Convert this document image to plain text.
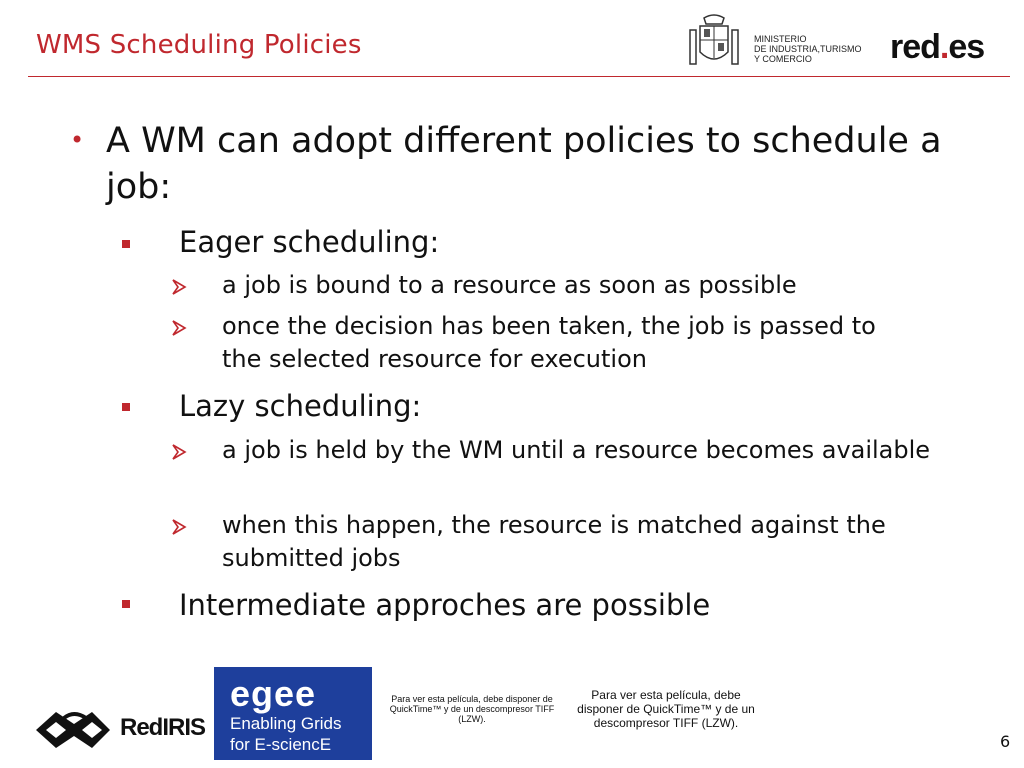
WMS Scheduling Policies	MINISTERIO
DE INDUSTRIA,TURISMO
Y COMERCIO	red.es
• A WM can adopt different policies to schedule a job:
Eager scheduling:
a job is bound to a resource as soon as possible
once the decision has been taken, the job is passed to the selected resource for execution
Lazy scheduling:
a job is held by the WM until a resource becomes available
when this happen, the resource is matched against the submitted jobs
Intermediate approches are possible
RedIRIS
egee
Enabling Grids
for E-sciencE
Para ver esta película, debe disponer de QuickTime™ y de un descompresor TIFF (LZW).
Para ver esta película, debe disponer de QuickTime™ y de un descompresor TIFF (LZW).
6
